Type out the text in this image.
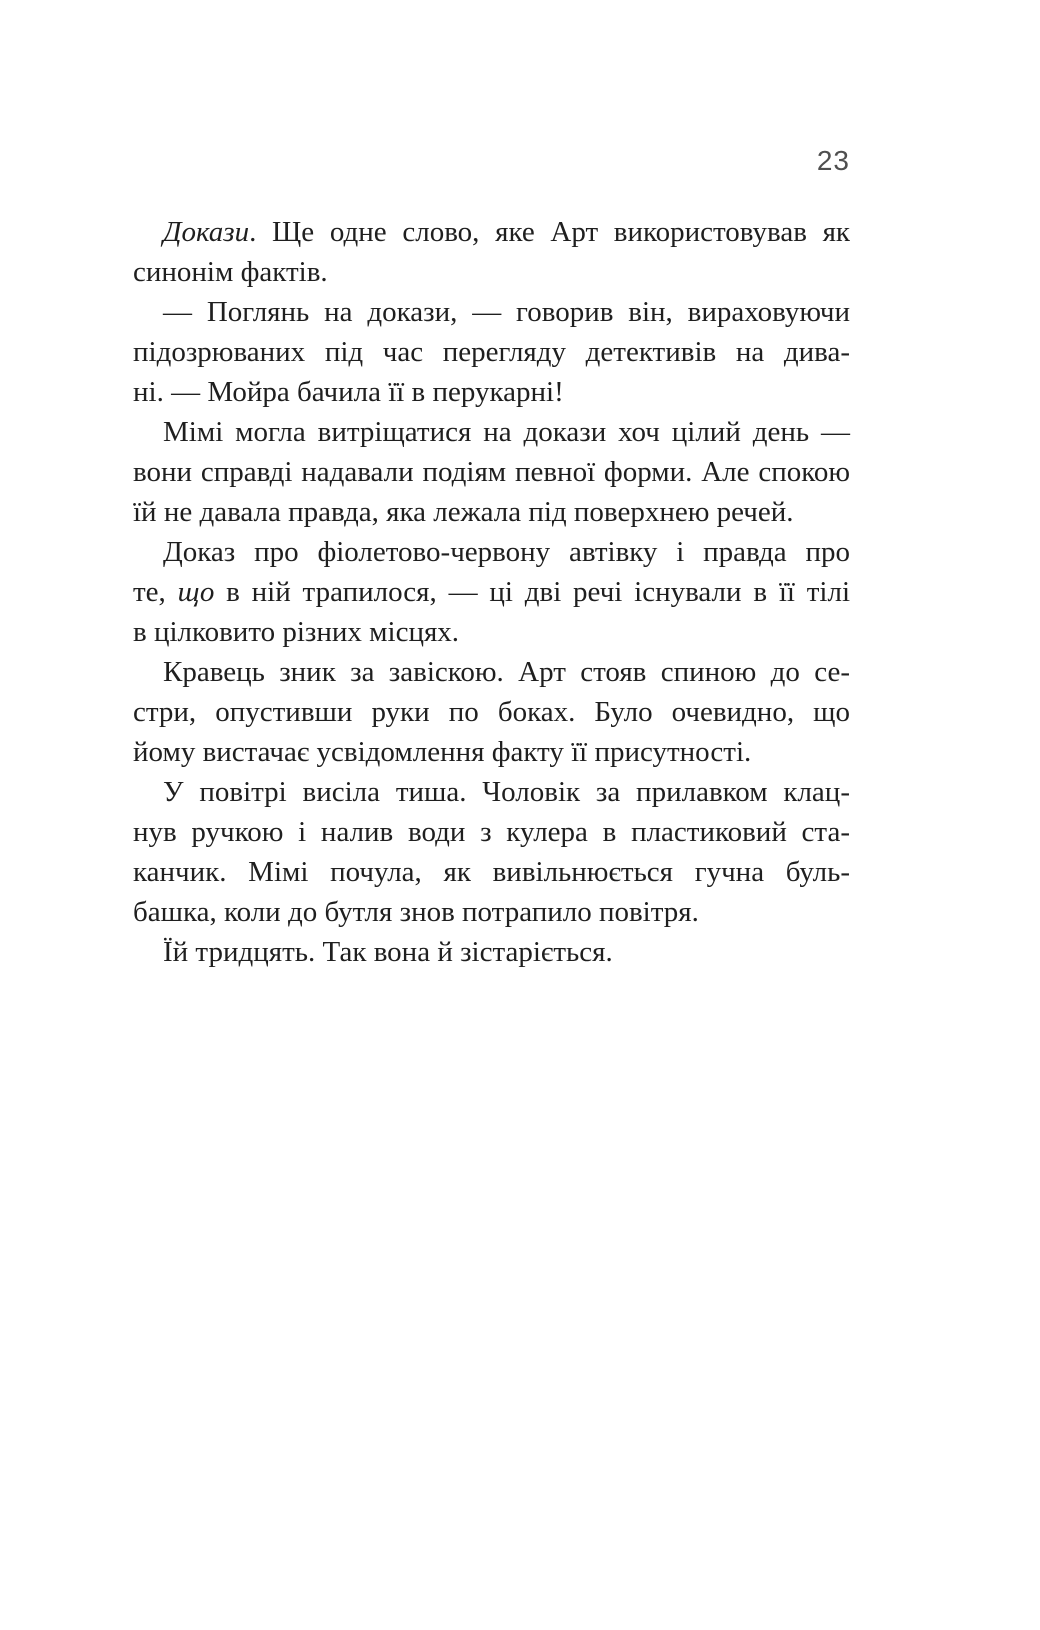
23
Докази. Ще одне слово, яке Арт використовував як
синонім фактів.
— Поглянь на докази, — говорив він, вираховуючи
підозрюваних під час перегляду детективів на дива-
ні. — Мойра бачила її в перукарні!
Мімі могла витріщатися на докази хоч цілий день —
вони справді надавали подіям певної форми. Але спокою
їй не давала правда, яка лежала під поверхнею речей.
Доказ про фіолетово-червону автівку і правда про
те, що в ній трапилося, — ці дві речі існували в її тілі
в цілковито різних місцях.
Кравець зник за завіскою. Арт стояв спиною до се-
стри, опустивши руки по боках. Було очевидно, що
йому вистачає усвідомлення факту її присутності.
У повітрі висіла тиша. Чоловік за прилавком клац-
нув ручкою і налив води з кулера в пластиковий ста-
канчик. Мімі почула, як вивільнюється гучна буль-
башка, коли до бутля знов потрапило повітря.
Їй тридцять. Так вона й зістаріється.
